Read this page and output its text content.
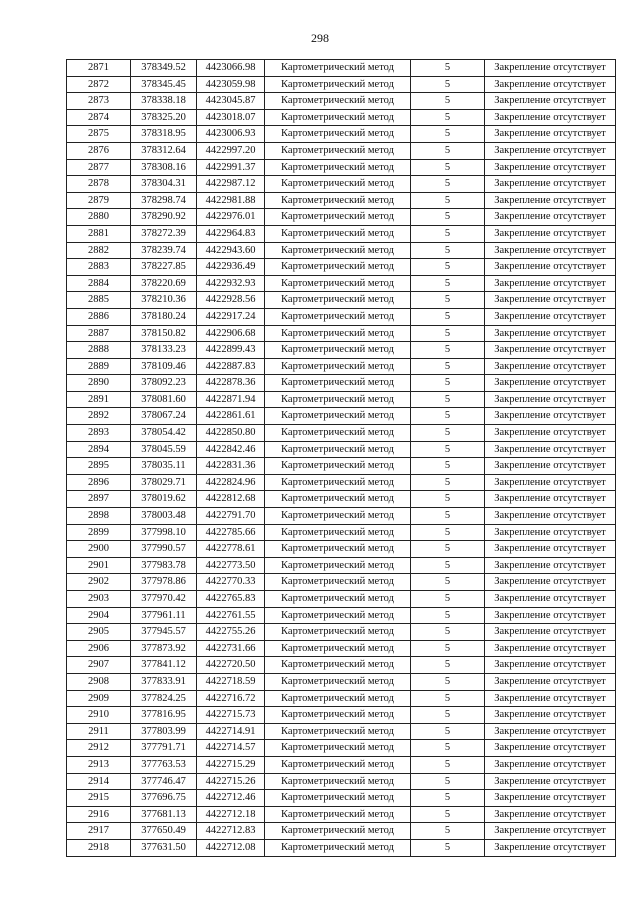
298
2871	378349.52	4423066.98	Картометрический метод	5	Закрепление отсутствует
2872	378345.45	4423059.98	Картометрический метод	5	Закрепление отсутствует
2873	378338.18	4423045.87	Картометрический метод	5	Закрепление отсутствует
2874	378325.20	4423018.07	Картометрический метод	5	Закрепление отсутствует
2875	378318.95	4423006.93	Картометрический метод	5	Закрепление отсутствует
2876	378312.64	4422997.20	Картометрический метод	5	Закрепление отсутствует
2877	378308.16	4422991.37	Картометрический метод	5	Закрепление отсутствует
2878	378304.31	4422987.12	Картометрический метод	5	Закрепление отсутствует
2879	378298.74	4422981.88	Картометрический метод	5	Закрепление отсутствует
2880	378290.92	4422976.01	Картометрический метод	5	Закрепление отсутствует
2881	378272.39	4422964.83	Картометрический метод	5	Закрепление отсутствует
2882	378239.74	4422943.60	Картометрический метод	5	Закрепление отсутствует
2883	378227.85	4422936.49	Картометрический метод	5	Закрепление отсутствует
2884	378220.69	4422932.93	Картометрический метод	5	Закрепление отсутствует
2885	378210.36	4422928.56	Картометрический метод	5	Закрепление отсутствует
2886	378180.24	4422917.24	Картометрический метод	5	Закрепление отсутствует
2887	378150.82	4422906.68	Картометрический метод	5	Закрепление отсутствует
2888	378133.23	4422899.43	Картометрический метод	5	Закрепление отсутствует
2889	378109.46	4422887.83	Картометрический метод	5	Закрепление отсутствует
2890	378092.23	4422878.36	Картометрический метод	5	Закрепление отсутствует
2891	378081.60	4422871.94	Картометрический метод	5	Закрепление отсутствует
2892	378067.24	4422861.61	Картометрический метод	5	Закрепление отсутствует
2893	378054.42	4422850.80	Картометрический метод	5	Закрепление отсутствует
2894	378045.59	4422842.46	Картометрический метод	5	Закрепление отсутствует
2895	378035.11	4422831.36	Картометрический метод	5	Закрепление отсутствует
2896	378029.71	4422824.96	Картометрический метод	5	Закрепление отсутствует
2897	378019.62	4422812.68	Картометрический метод	5	Закрепление отсутствует
2898	378003.48	4422791.70	Картометрический метод	5	Закрепление отсутствует
2899	377998.10	4422785.66	Картометрический метод	5	Закрепление отсутствует
2900	377990.57	4422778.61	Картометрический метод	5	Закрепление отсутствует
2901	377983.78	4422773.50	Картометрический метод	5	Закрепление отсутствует
2902	377978.86	4422770.33	Картометрический метод	5	Закрепление отсутствует
2903	377970.42	4422765.83	Картометрический метод	5	Закрепление отсутствует
2904	377961.11	4422761.55	Картометрический метод	5	Закрепление отсутствует
2905	377945.57	4422755.26	Картометрический метод	5	Закрепление отсутствует
2906	377873.92	4422731.66	Картометрический метод	5	Закрепление отсутствует
2907	377841.12	4422720.50	Картометрический метод	5	Закрепление отсутствует
2908	377833.91	4422718.59	Картометрический метод	5	Закрепление отсутствует
2909	377824.25	4422716.72	Картометрический метод	5	Закрепление отсутствует
2910	377816.95	4422715.73	Картометрический метод	5	Закрепление отсутствует
2911	377803.99	4422714.91	Картометрический метод	5	Закрепление отсутствует
2912	377791.71	4422714.57	Картометрический метод	5	Закрепление отсутствует
2913	377763.53	4422715.29	Картометрический метод	5	Закрепление отсутствует
2914	377746.47	4422715.26	Картометрический метод	5	Закрепление отсутствует
2915	377696.75	4422712.46	Картометрический метод	5	Закрепление отсутствует
2916	377681.13	4422712.18	Картометрический метод	5	Закрепление отсутствует
2917	377650.49	4422712.83	Картометрический метод	5	Закрепление отсутствует
2918	377631.50	4422712.08	Картометрический метод	5	Закрепление отсутствует
